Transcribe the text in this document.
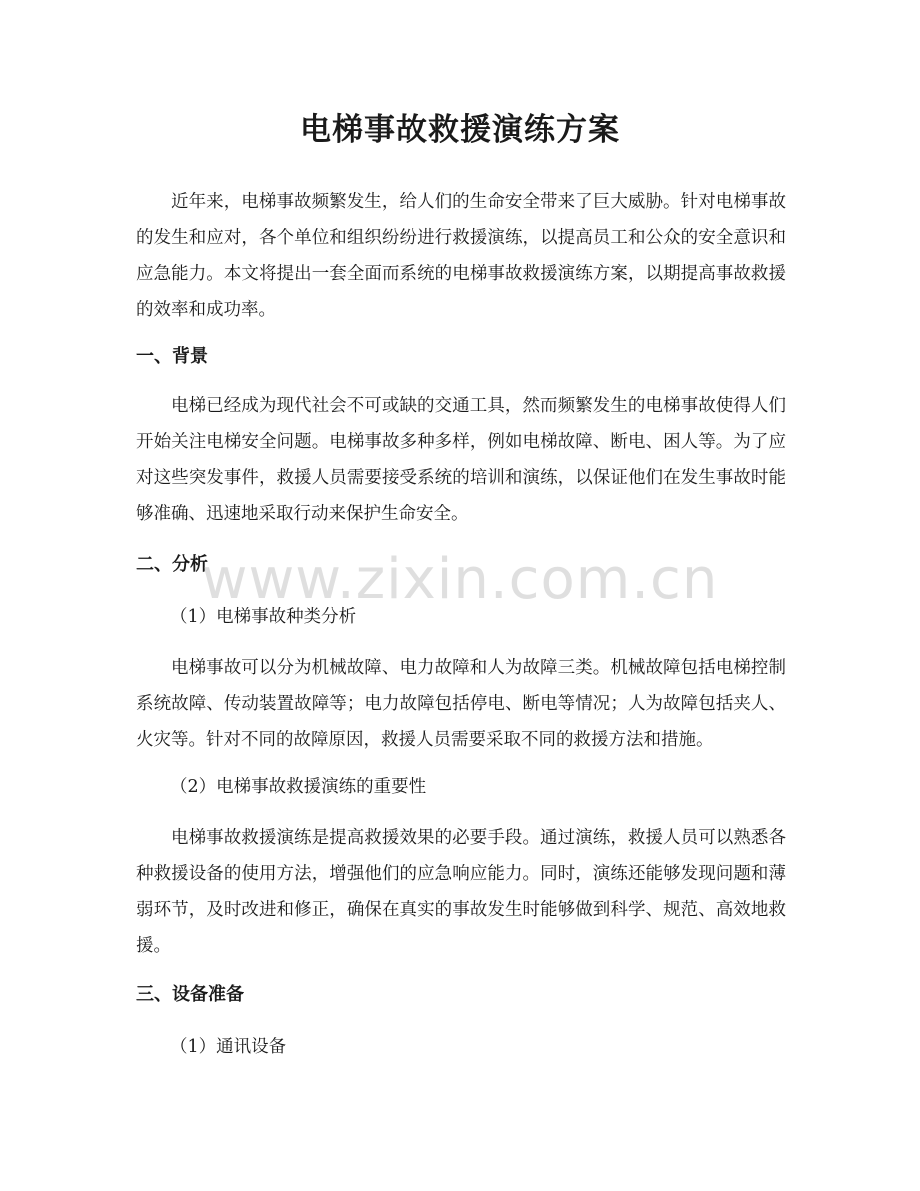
电梯事故救援演练方案
近年来，电梯事故频繁发生，给人们的生命安全带来了巨大威胁。针对电梯事故的发生和应对，各个单位和组织纷纷进行救援演练，以提高员工和公众的安全意识和应急能力。本文将提出一套全面而系统的电梯事故救援演练方案，以期提高事故救援的效率和成功率。
一、背景
电梯已经成为现代社会不可或缺的交通工具，然而频繁发生的电梯事故使得人们开始关注电梯安全问题。电梯事故多种多样，例如电梯故障、断电、困人等。为了应对这些突发事件，救援人员需要接受系统的培训和演练，以保证他们在发生事故时能够准确、迅速地采取行动来保护生命安全。
二、分析
（1）电梯事故种类分析
电梯事故可以分为机械故障、电力故障和人为故障三类。机械故障包括电梯控制系统故障、传动装置故障等；电力故障包括停电、断电等情况；人为故障包括夹人、火灾等。针对不同的故障原因，救援人员需要采取不同的救援方法和措施。
（2）电梯事故救援演练的重要性
电梯事故救援演练是提高救援效果的必要手段。通过演练，救援人员可以熟悉各种救援设备的使用方法，增强他们的应急响应能力。同时，演练还能够发现问题和薄弱环节，及时改进和修正，确保在真实的事故发生时能够做到科学、规范、高效地救援。
三、设备准备
（1）通讯设备
www.zixin.com.cn
